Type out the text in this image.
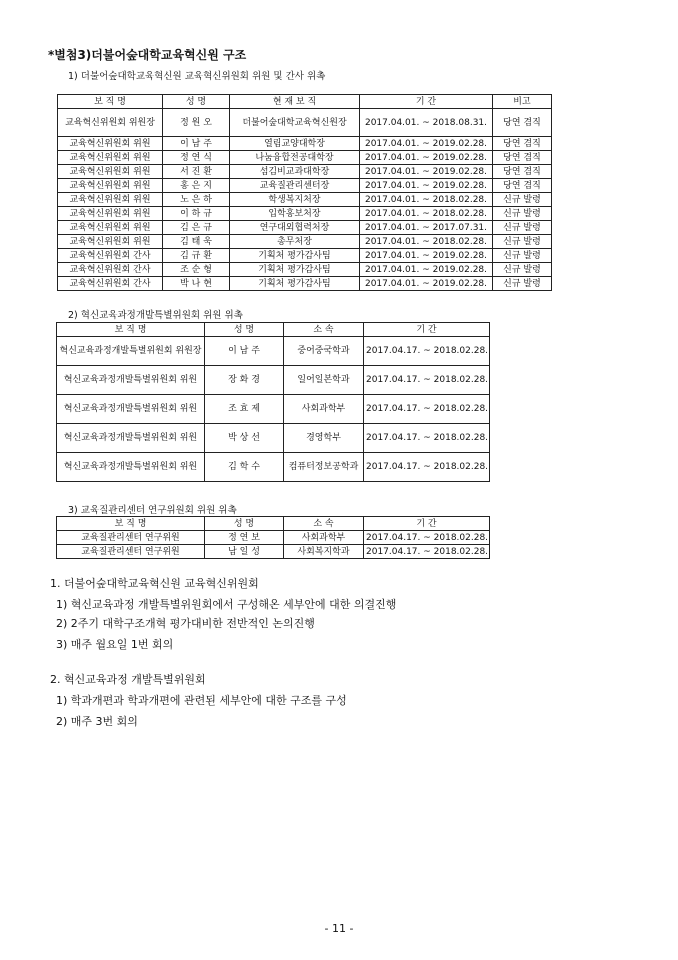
*별첨3)더불어숲대학교육혁신원 구조
1) 더불어숲대학교육혁신원 교육혁신위원회 위원 및 간사 위촉
보 직 명	성 명	현 재 보 직	기 간	비고
교육혁신위원회 위원장	정 원 오	더불어숲대학교육혁신원장	2017.04.01. ~ 2018.08.31.	당연 겸직
교육혁신위원회 위원	이 남 주	열림교양대학장	2017.04.01. ~ 2019.02.28.	당연 겸직
교육혁신위원회 위원	정 연 식	나눔융합전공대학장	2017.04.01. ~ 2019.02.28.	당연 겸직
교육혁신위원회 위원	서 진 환	섬김비교과대학장	2017.04.01. ~ 2019.02.28.	당연 겸직
교육혁신위원회 위원	홍 은 지	교육질관리센터장	2017.04.01. ~ 2019.02.28.	당연 겸직
교육혁신위원회 위원	노 은 하	학생복지처장	2017.04.01. ~ 2018.02.28.	신규 발령
교육혁신위원회 위원	이 하 규	입학홍보처장	2017.04.01. ~ 2018.02.28.	신규 발령
교육혁신위원회 위원	김 은 규	연구대외협력처장	2017.04.01. ~ 2017.07.31.	신규 발령
교육혁신위원회 위원	김 태 욱	총무처장	2017.04.01. ~ 2018.02.28.	신규 발령
교육혁신위원회 간사	김 규 환	기획처 평가감사팀	2017.04.01. ~ 2019.02.28.	신규 발령
교육혁신위원회 간사	조 순 형	기획처 평가감사팀	2017.04.01. ~ 2019.02.28.	신규 발령
교육혁신위원회 간사	박 나 현	기획처 평가감사팀	2017.04.01. ~ 2019.02.28.	신규 발령
2) 혁신교육과정개발특별위원회 위원 위촉
보 직 명	성 명	소 속	기 간
혁신교육과정개발특별위원회 위원장	이 남 주	중어중국학과	2017.04.17. ~ 2018.02.28.
혁신교육과정개발특별위원회 위원	장 화 경	일어일본학과	2017.04.17. ~ 2018.02.28.
혁신교육과정개발특별위원회 위원	조 효 제	사회과학부	2017.04.17. ~ 2018.02.28.
혁신교육과정개발특별위원회 위원	박 상 선	경영학부	2017.04.17. ~ 2018.02.28.
혁신교육과정개발특별위원회 위원	김 학 수	컴퓨터정보공학과	2017.04.17. ~ 2018.02.28.
3) 교육질관리센터 연구위원회 위원 위촉
보 직 명	성 명	소 속	기 간
교육질관리센터 연구위원	정 연 보	사회과학부	2017.04.17. ~ 2018.02.28.
교육질관리센터 연구위원	남 일 성	사회복지학과	2017.04.17. ~ 2018.02.28.
1. 더불어숲대학교육혁신원 교육혁신위원회
1) 혁신교육과정 개발특별위원회에서 구성해온 세부안에 대한 의결진행
2) 2주기 대학구조개혁 평가대비한 전반적인 논의진행
3) 매주 월요일 1번 회의
2. 혁신교육과정 개발특별위원회
1) 학과개편과 학과개편에 관련된 세부안에 대한 구조를 구성
2) 매주 3번 회의
- 11 -
